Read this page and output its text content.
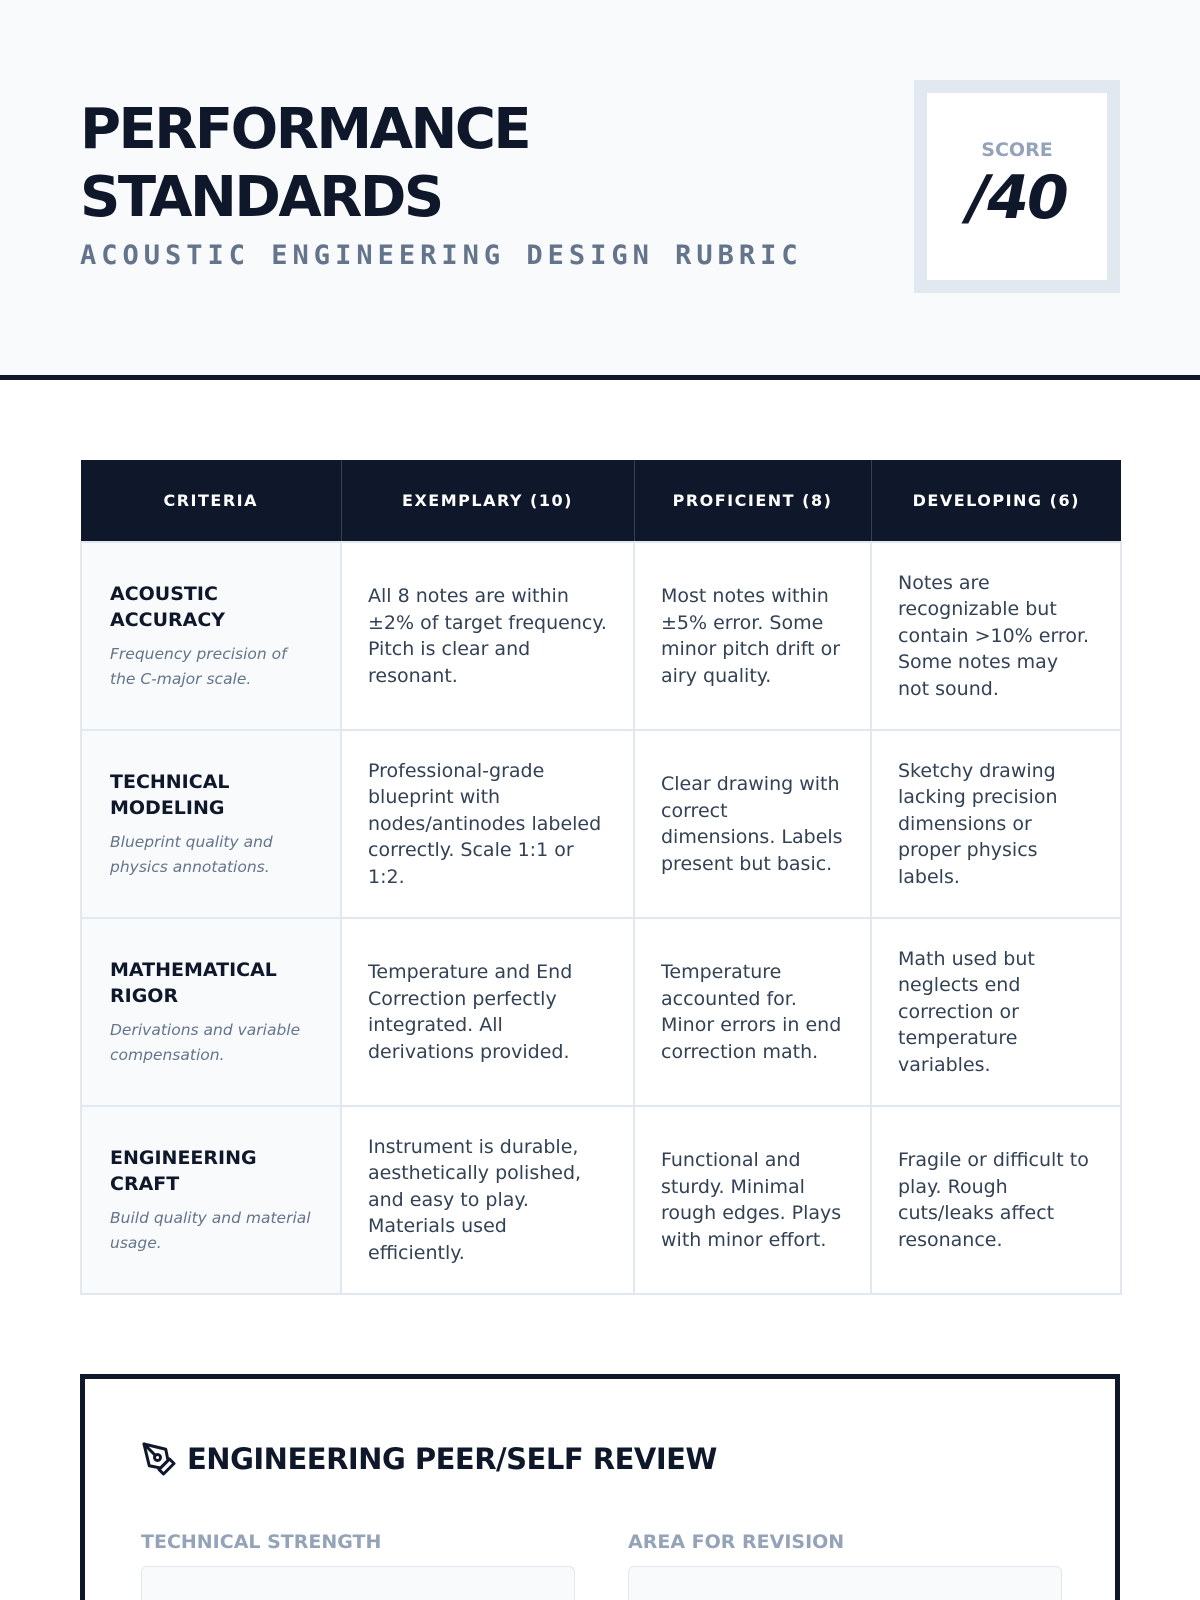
PERFORMANCE
STANDARDS
ACOUSTIC ENGINEERING DESIGN RUBRIC
SCORE
/40
CRITERIA	EXEMPLARY (10)	PROFICIENT (8)	DEVELOPING (6)

ACOUSTIC ACCURACY
Frequency precision of the C-major scale.	All 8 notes are within ±2% of target frequency. Pitch is clear and resonant.	Most notes within ±5% error. Some minor pitch drift or airy quality.	Notes are recognizable but contain >10% error. Some notes may not sound.

TECHNICAL MODELING
Blueprint quality and physics annotations.	Professional-grade blueprint with nodes/antinodes labeled correctly. Scale 1:1 or 1:2.	Clear drawing with correct dimensions. Labels present but basic.	Sketchy drawing lacking precision dimensions or proper physics labels.

MATHEMATICAL RIGOR
Derivations and variable compensation.	Temperature and End Correction perfectly integrated. All derivations provided.	Temperature accounted for. Minor errors in end correction math.	Math used but neglects end correction or temperature variables.

ENGINEERING CRAFT
Build quality and material usage.	Instrument is durable, aesthetically polished, and easy to play. Materials used efficiently.	Functional and sturdy. Minimal rough edges. Plays with minor effort.	Fragile or difficult to play. Rough cuts/leaks affect resonance.
ENGINEERING PEER/SELF REVIEW
TECHNICAL STRENGTH	AREA FOR REVISION
